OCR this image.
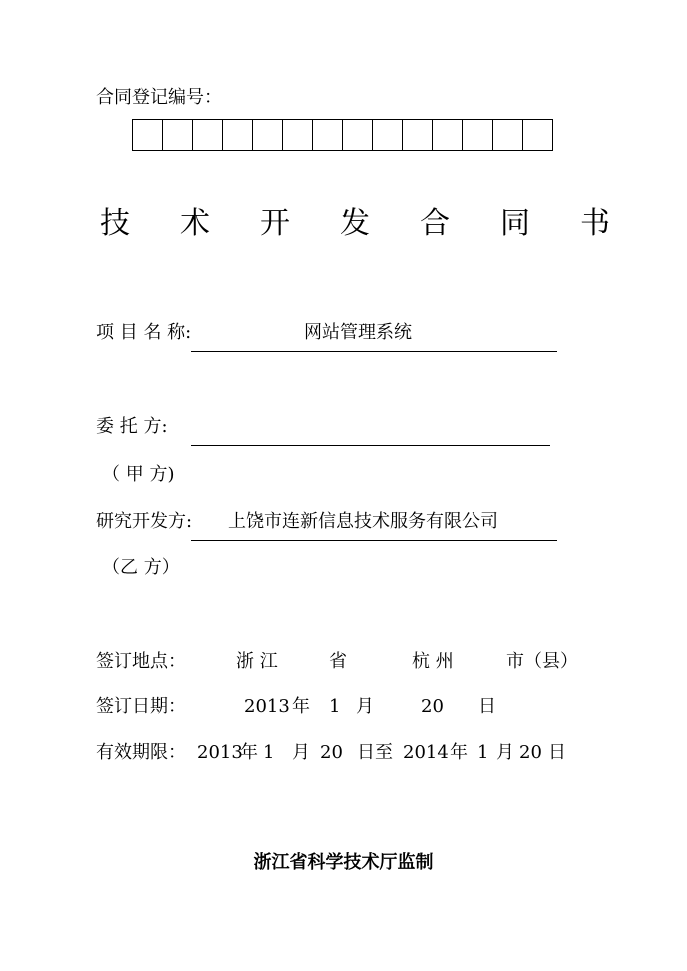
合同登记编号：
技 术 开 发 合 同 书
项 目 名 称:	网站管理系统
委 托 方:
（ 甲 方)
研究开发方: 上饶市连新信息技术服务有限公司
（乙 方）
签订地点：	浙 江	省	杭 州	市（县）
签订日期：	2013 年 1 月	20 日
有效期限： 2013
年 1 月 20 日至 2014 年 1 月 20 日
浙江省科学技术厅监制
